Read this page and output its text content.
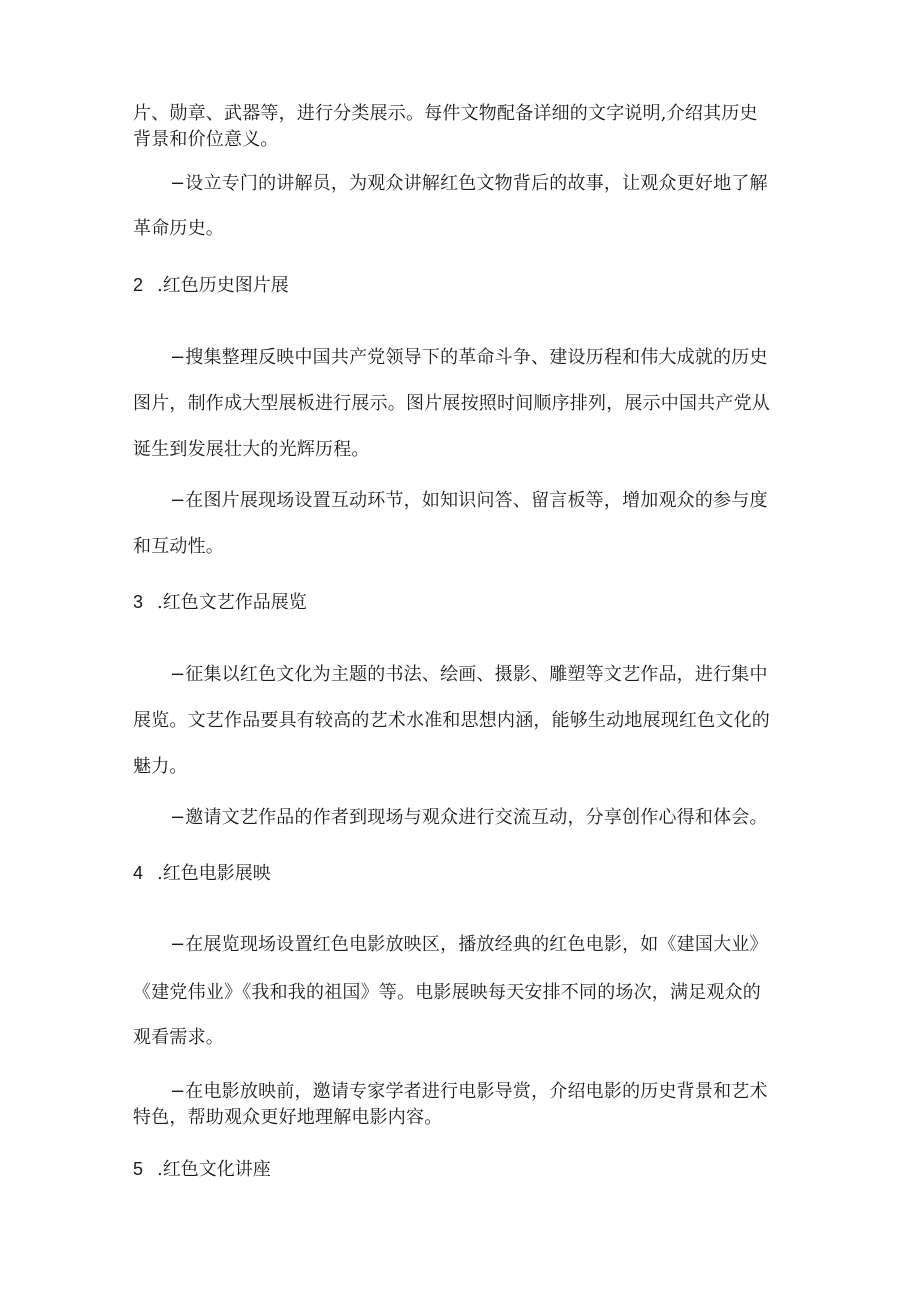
片、勋章、武器等，进行分类展示。每件文物配备详细的文字说明,介绍其历史
背景和价位意义。
−设立专门的讲解员，为观众讲解红色文物背后的故事，让观众更好地了解
革命历史。
2 .红色历史图片展
−搜集整理反映中国共产党领导下的革命斗争、建设历程和伟大成就的历史
图片，制作成大型展板进行展示。图片展按照时间顺序排列，展示中国共产党从
诞生到发展壮大的光辉历程。
−在图片展现场设置互动环节，如知识问答、留言板等，增加观众的参与度
和互动性。
3 .红色文艺作品展览
−征集以红色文化为主题的书法、绘画、摄影、雕塑等文艺作品，进行集中
展览。文艺作品要具有较高的艺术水准和思想内涵，能够生动地展现红色文化的
魅力。
−邀请文艺作品的作者到现场与观众进行交流互动，分享创作心得和体会。
4 .红色电影展映
−在展览现场设置红色电影放映区，播放经典的红色电影，如《建国大业》
《建党伟业》《我和我的祖国》等。电影展映每天安排不同的场次，满足观众的
观看需求。
−在电影放映前，邀请专家学者进行电影导赏，介绍电影的历史背景和艺术
特色，帮助观众更好地理解电影内容。
5 .红色文化讲座
